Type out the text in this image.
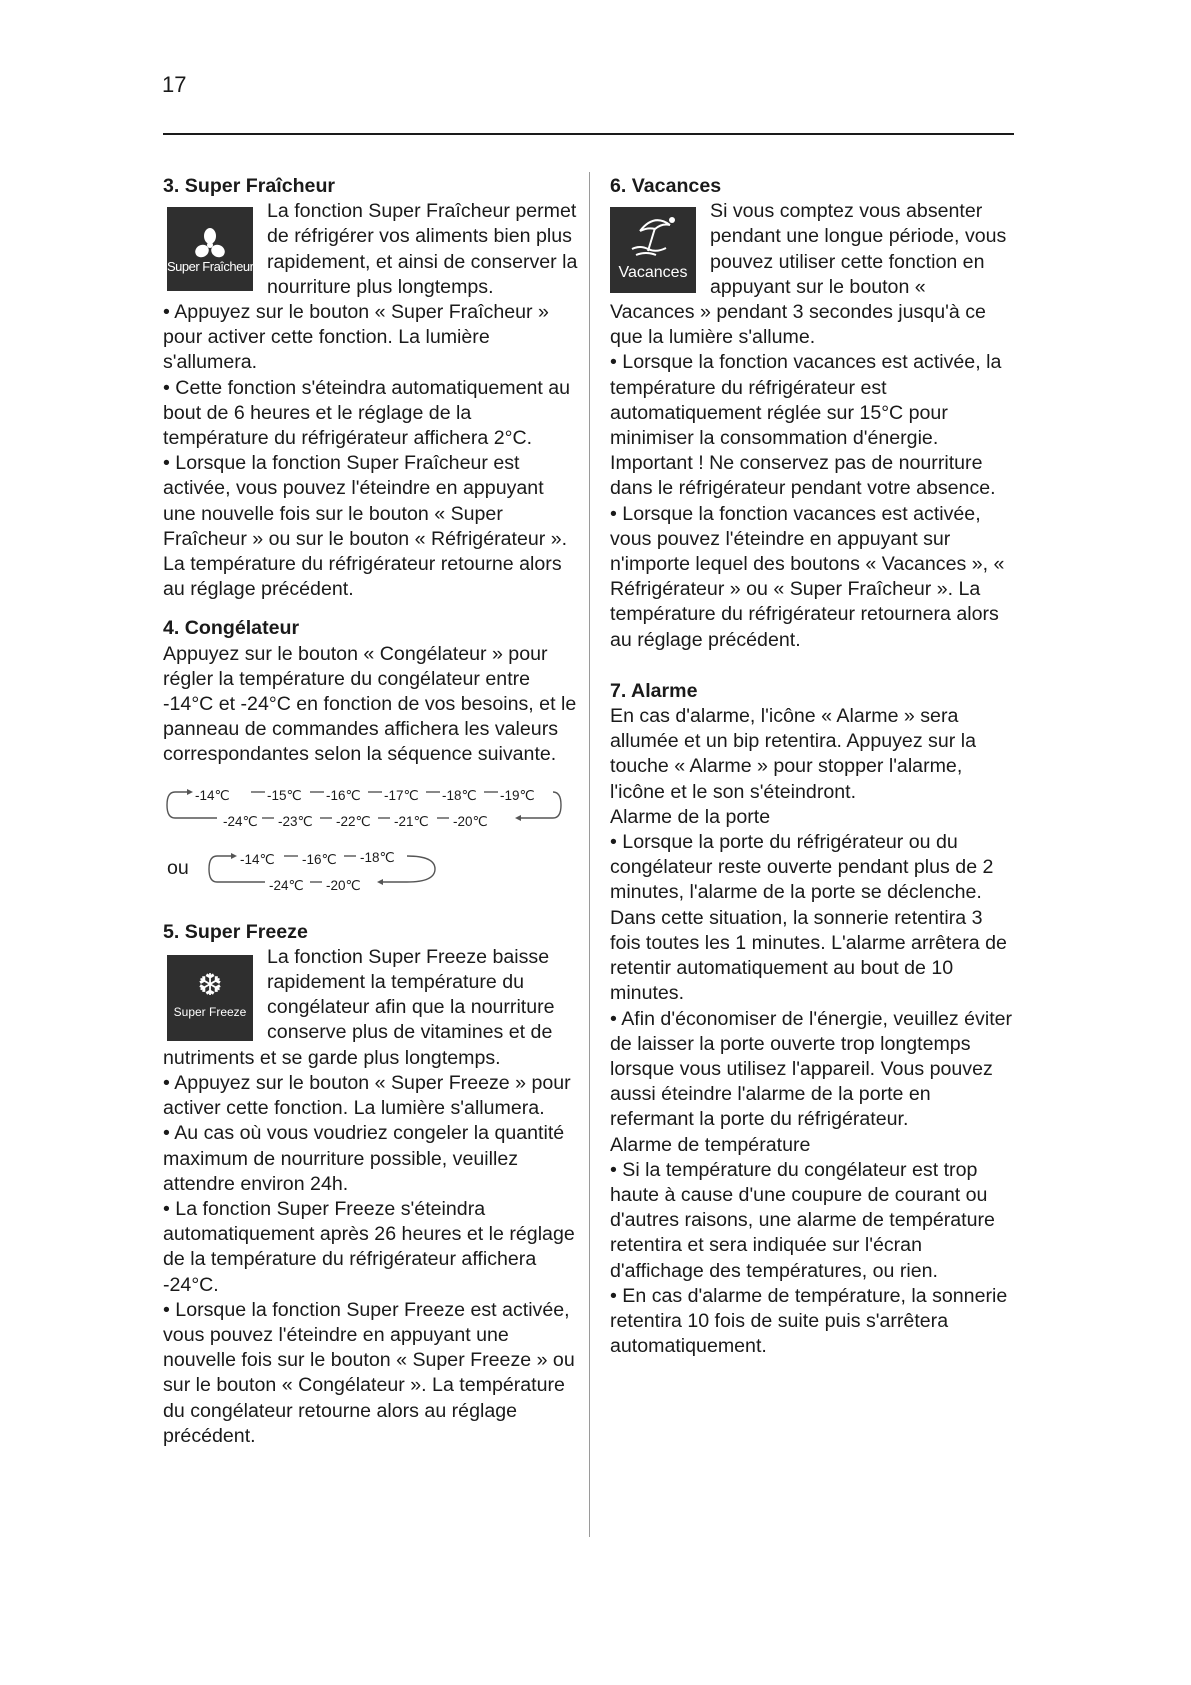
17
3. Super Fraîcheur
Super Fraîcheur

La fonction Super Fraîcheur permet de réfrigérer vos aliments bien plus rapidement, et ainsi de conserver la nourriture plus longtemps.

• Appuyez sur le bouton « Super Fraîcheur » pour activer cette fonction. La lumière s'allumera.

• Cette fonction s'éteindra automatiquement au bout de 6 heures et le réglage de la température du réfrigérateur affichera 2°C.

• Lorsque la fonction Super Fraîcheur est activée, vous pouvez l'éteindre en appuyant une nouvelle fois sur le bouton « Super Fraîcheur » ou sur le bouton « Réfrigérateur ». La température du réfrigérateur retourne alors au réglage précédent.

4. Congélateur

Appuyez sur le bouton « Congélateur » pour régler la température du congélateur entre -14°C et -24°C en fonction de vos besoins, et le panneau de commandes affichera les valeurs correspondantes selon la séquence suivante.

-14℃	-15℃ -16℃ -17℃ -18℃ -19℃
-24℃ -23℃ -22℃ -21℃ -20℃
ou	-14℃ -16℃ -18℃
-24℃ -20℃
5. Super Freeze
❆
Super Freeze

La fonction Super Freeze baisse rapidement la température du congélateur afin que la nourriture conserve plus de vitamines et de nutriments et se garde plus longtemps.

• Appuyez sur le bouton « Super Freeze » pour activer cette fonction. La lumière s'allumera.

• Au cas où vous voudriez congeler la quantité maximum de nourriture possible, veuillez attendre environ 24h.

• La fonction Super Freeze s'éteindra automatiquement après 26 heures et le réglage de la température du réfrigérateur affichera -24°C.

• Lorsque la fonction Super Freeze est activée, vous pouvez l'éteindre en appuyant une nouvelle fois sur le bouton « Super Freeze » ou sur le bouton « Congélateur ». La température du congélateur retourne alors au réglage précédent.

6. Vacances
Vacances

Si vous comptez vous absenter pendant une longue période, vous pouvez utiliser cette fonction en appuyant sur le bouton « Vacances » pendant 3 secondes jusqu'à ce que la lumière s'allume.

• Lorsque la fonction vacances est activée, la température du réfrigérateur est automatiquement réglée sur 15°C pour minimiser la consommation d'énergie.

Important ! Ne conservez pas de nourriture dans le réfrigérateur pendant votre absence.

• Lorsque la fonction vacances est activée, vous pouvez l'éteindre en appuyant sur n'importe lequel des boutons « Vacances », « Réfrigérateur » ou « Super Fraîcheur ». La température du réfrigérateur retournera alors au réglage précédent.

7. Alarme

En cas d'alarme, l'icône « Alarme » sera allumée et un bip retentira. Appuyez sur la touche « Alarme » pour stopper l'alarme, l'icône et le son s'éteindront.

Alarme de la porte

• Lorsque la porte du réfrigérateur ou du congélateur reste ouverte pendant plus de 2 minutes, l'alarme de la porte se déclenche. Dans cette situation, la sonnerie retentira 3 fois toutes les 1 minutes. L'alarme arrêtera de retentir automatiquement au bout de 10 minutes.

• Afin d'économiser de l'énergie, veuillez éviter de laisser la porte ouverte trop longtemps lorsque vous utilisez l'appareil. Vous pouvez aussi éteindre l'alarme de la porte en refermant la porte du réfrigérateur.

Alarme de température

• Si la température du congélateur est trop haute à cause d'une coupure de courant ou d'autres raisons, une alarme de température retentira et sera indiquée sur l'écran d'affichage des températures, ou rien.

• En cas d'alarme de température, la sonnerie retentira 10 fois de suite puis s'arrêtera automatiquement.
